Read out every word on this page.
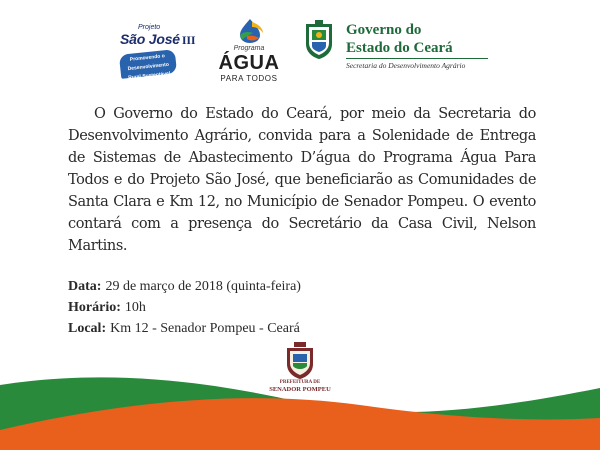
Projeto
São José III
Promovendo o
Desenvolvimento
Rural Sustentável
Programa
ÁGUA
PARA TODOS
Governo do
Estado do Ceará
Secretaria do Desenvolvimento Agrário

O Governo do Estado do Ceará, por meio da Secretaria do Desenvolvimento Agrário, convida para a Solenidade de Entrega de Sistemas de Abastecimento D’água do Programa Água Para Todos e do Projeto São José, que beneficiarão as Comunidades de Santa Clara e Km 12, no Município de Senador Pompeu. O evento contará com a presença do Secretário da Casa Civil, Nelson Martins.

Data: 29 de março de 2018 (quinta-feira)
Horário: 10h
Local: Km 12 - Senador Pompeu - Ceará
PREFEITURA DE
SENADOR POMPEU
